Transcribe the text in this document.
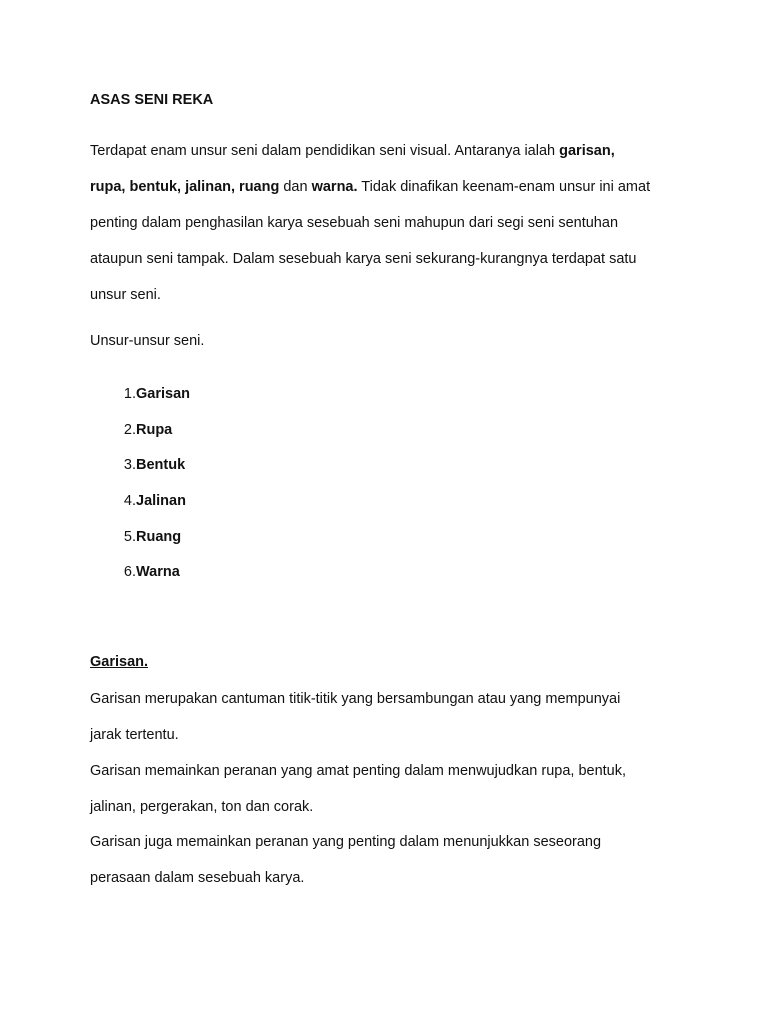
ASAS SENI REKA

Terdapat enam unsur seni dalam pendidikan seni visual. Antaranya ialah garisan,
rupa, bentuk, jalinan, ruang dan warna. Tidak dinafikan keenam-enam unsur ini amat
penting dalam penghasilan karya sesebuah seni mahupun dari segi seni sentuhan
ataupun seni tampak. Dalam sesebuah karya seni sekurang-kurangnya terdapat satu
unsur seni.

Unsur-unsur seni.

1. Garisan
2. Rupa
3. Bentuk
4. Jalinan
5. Ruang
6. Warna
Garisan.

Garisan merupakan cantuman titik-titik yang bersambungan atau yang mempunyai
jarak tertentu.

Garisan memainkan peranan yang amat penting dalam menwujudkan rupa, bentuk,
jalinan, pergerakan, ton dan corak.

Garisan juga memainkan peranan yang penting dalam menunjukkan seseorang
perasaan dalam sesebuah karya.
